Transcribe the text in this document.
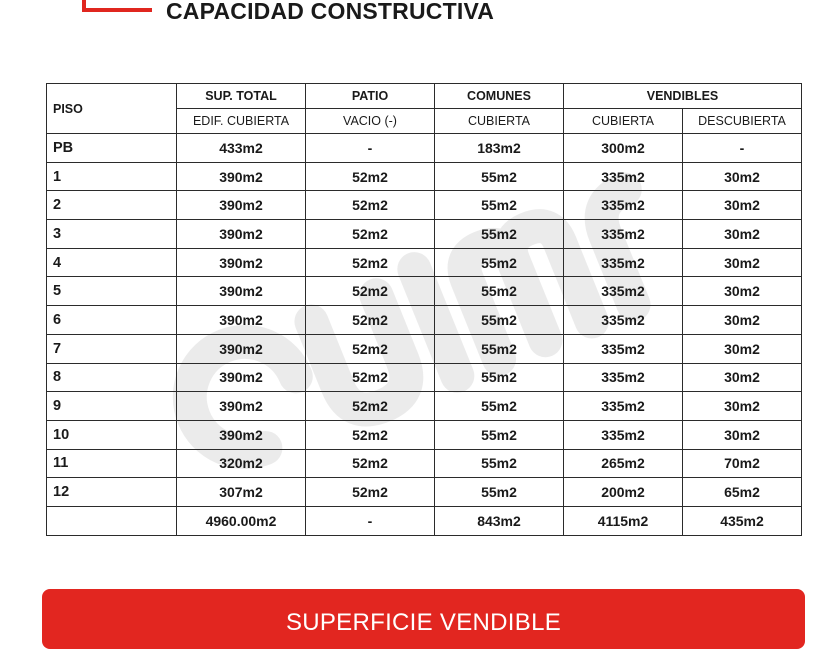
CAPACIDAD CONSTRUCTIVA
PISO	SUP. TOTAL	PATIO	COMUNES	VENDIBLES	
	EDIF. CUBIERTA	VACIO (-)	CUBIERTA	CUBIERTA	DESCUBIERTA
PB	433m2	-	183m2	300m2	-
1	390m2	52m2	55m2	335m2	30m2
2	390m2	52m2	55m2	335m2	30m2
3	390m2	52m2	55m2	335m2	30m2
4	390m2	52m2	55m2	335m2	30m2
5	390m2	52m2	55m2	335m2	30m2
6	390m2	52m2	55m2	335m2	30m2
7	390m2	52m2	55m2	335m2	30m2
8	390m2	52m2	55m2	335m2	30m2
9	390m2	52m2	55m2	335m2	30m2
10	390m2	52m2	55m2	335m2	30m2
11	320m2	52m2	55m2	265m2	70m2
12	307m2	52m2	55m2	200m2	65m2
	4960.00m2	-	843m2	4115m2	435m2
SUPERFICIE VENDIBLE
